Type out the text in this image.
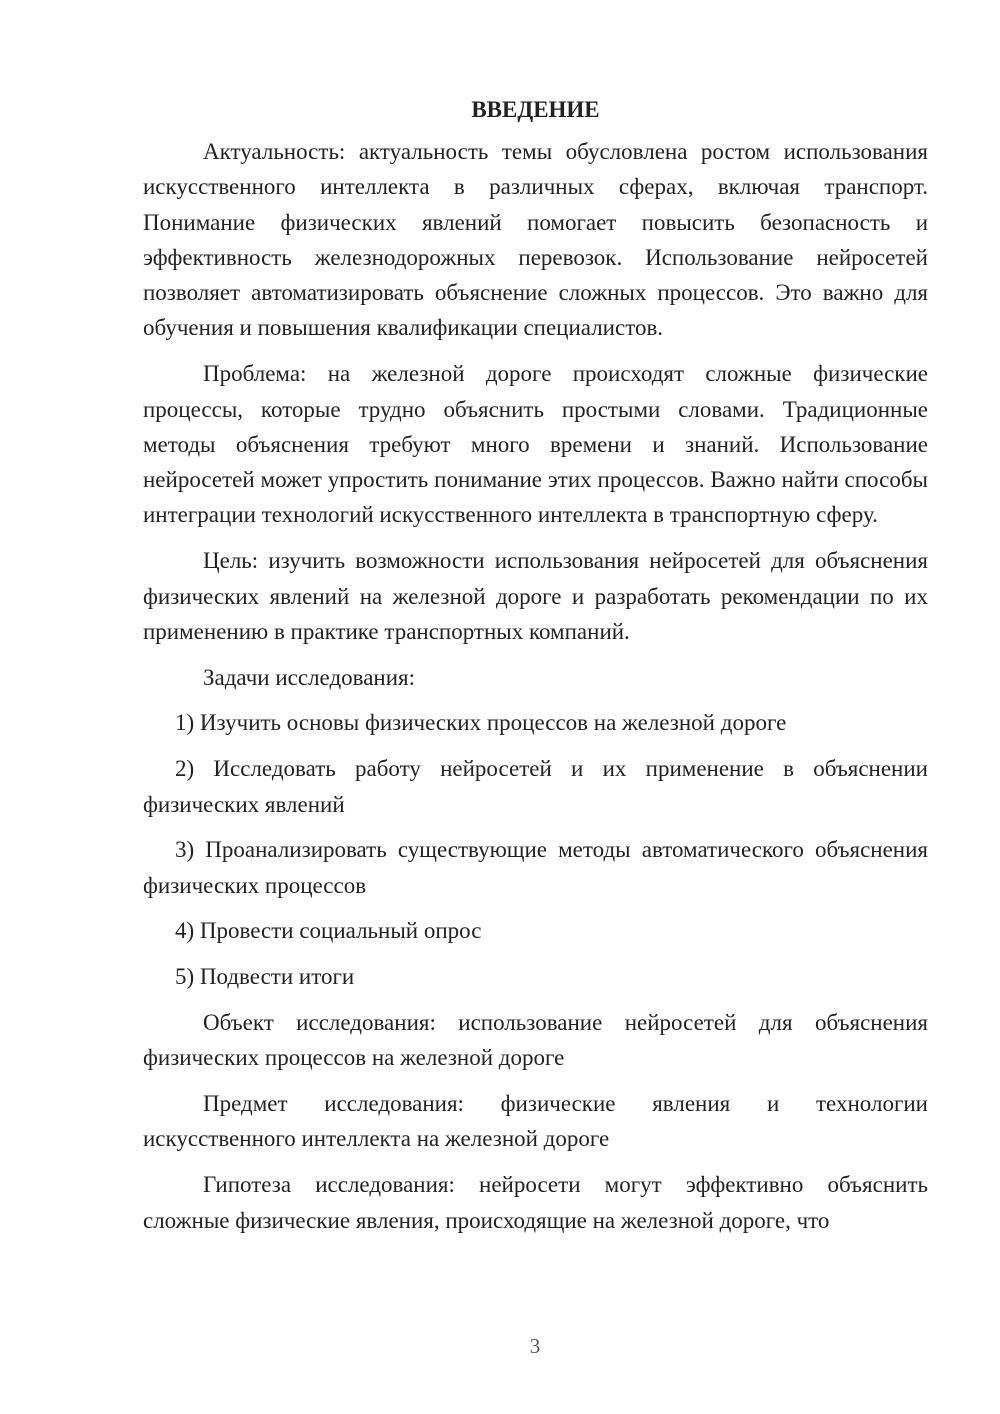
ВВЕДЕНИЕ

Актуальность: актуальность темы обусловлена ростом использования искусственного интеллекта в различных сферах, включая транспорт. Понимание физических явлений помогает повысить безопасность и эффективность железнодорожных перевозок. Использование нейросетей позволяет автоматизировать объяснение сложных процессов. Это важно для обучения и повышения квалификации специалистов.

Проблема: на железной дороге происходят сложные физические процессы, которые трудно объяснить простыми словами. Традиционные методы объяснения требуют много времени и знаний. Использование нейросетей может упростить понимание этих процессов. Важно найти способы интеграции технологий искусственного интеллекта в транспортную сферу.

Цель: изучить возможности использования нейросетей для объяснения физических явлений на железной дороге и разработать рекомендации по их применению в практике транспортных компаний.

Задачи исследования:

1) Изучить основы физических процессов на железной дороге

2) Исследовать работу нейросетей и их применение в объяснении физических явлений

3) Проанализировать существующие методы автоматического объяснения физических процессов

4) Провести социальный опрос

5) Подвести итоги

Объект исследования: использование нейросетей для объяснения физических процессов на железной дороге

Предмет исследования: физические явления и технологии искусственного интеллекта на железной дороге

Гипотеза исследования: нейросети могут эффективно объяснить сложные физические явления, происходящие на железной дороге, что

3
